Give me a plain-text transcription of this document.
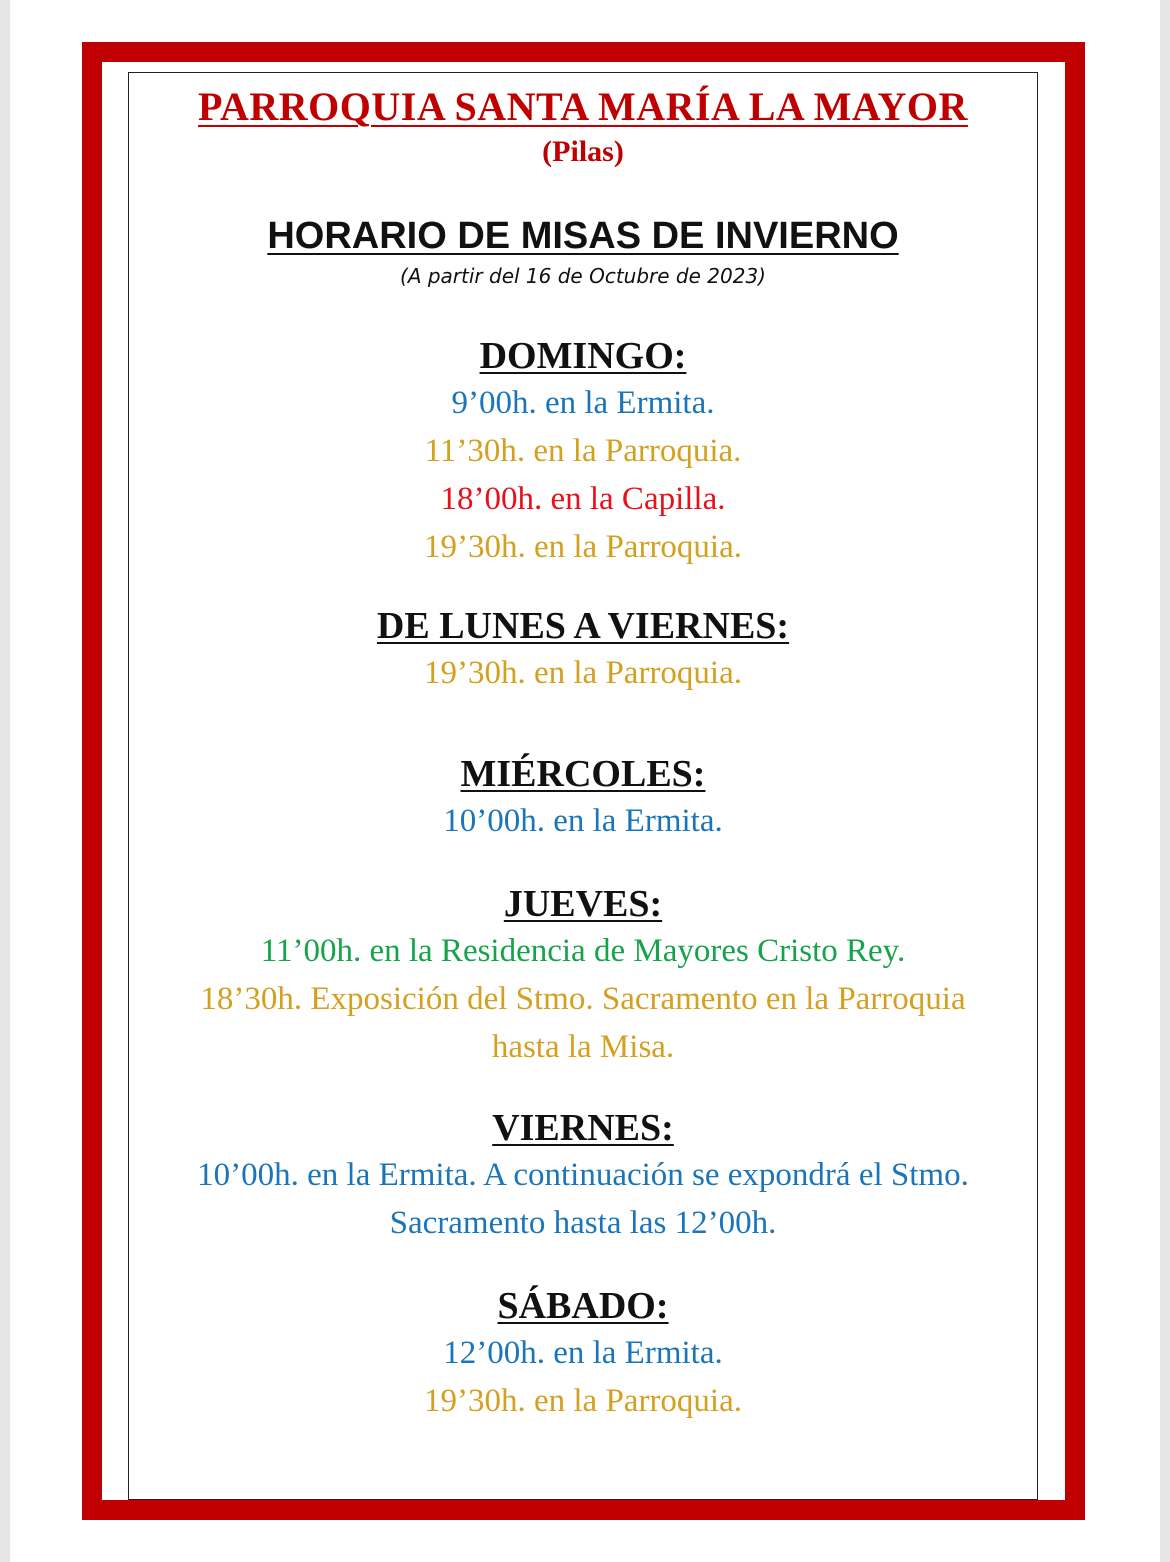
PARROQUIA SANTA MARÍA LA MAYOR
(Pilas)
HORARIO DE MISAS DE INVIERNO
(A partir del 16 de Octubre de 2023)
DOMINGO:
9’00h. en la Ermita.
11’30h. en la Parroquia.
18’00h. en la Capilla.
19’30h. en la Parroquia.
DE LUNES A VIERNES:
19’30h. en la Parroquia.
MIÉRCOLES:
10’00h. en la Ermita.
JUEVES:
11’00h. en la Residencia de Mayores Cristo Rey.
18’30h. Exposición del Stmo. Sacramento en la Parroquia hasta la Misa.
VIERNES:
10’00h. en la Ermita. A continuación se expondrá el Stmo. Sacramento hasta las 12’00h.
SÁBADO:
12’00h. en la Ermita.
19’30h. en la Parroquia.
